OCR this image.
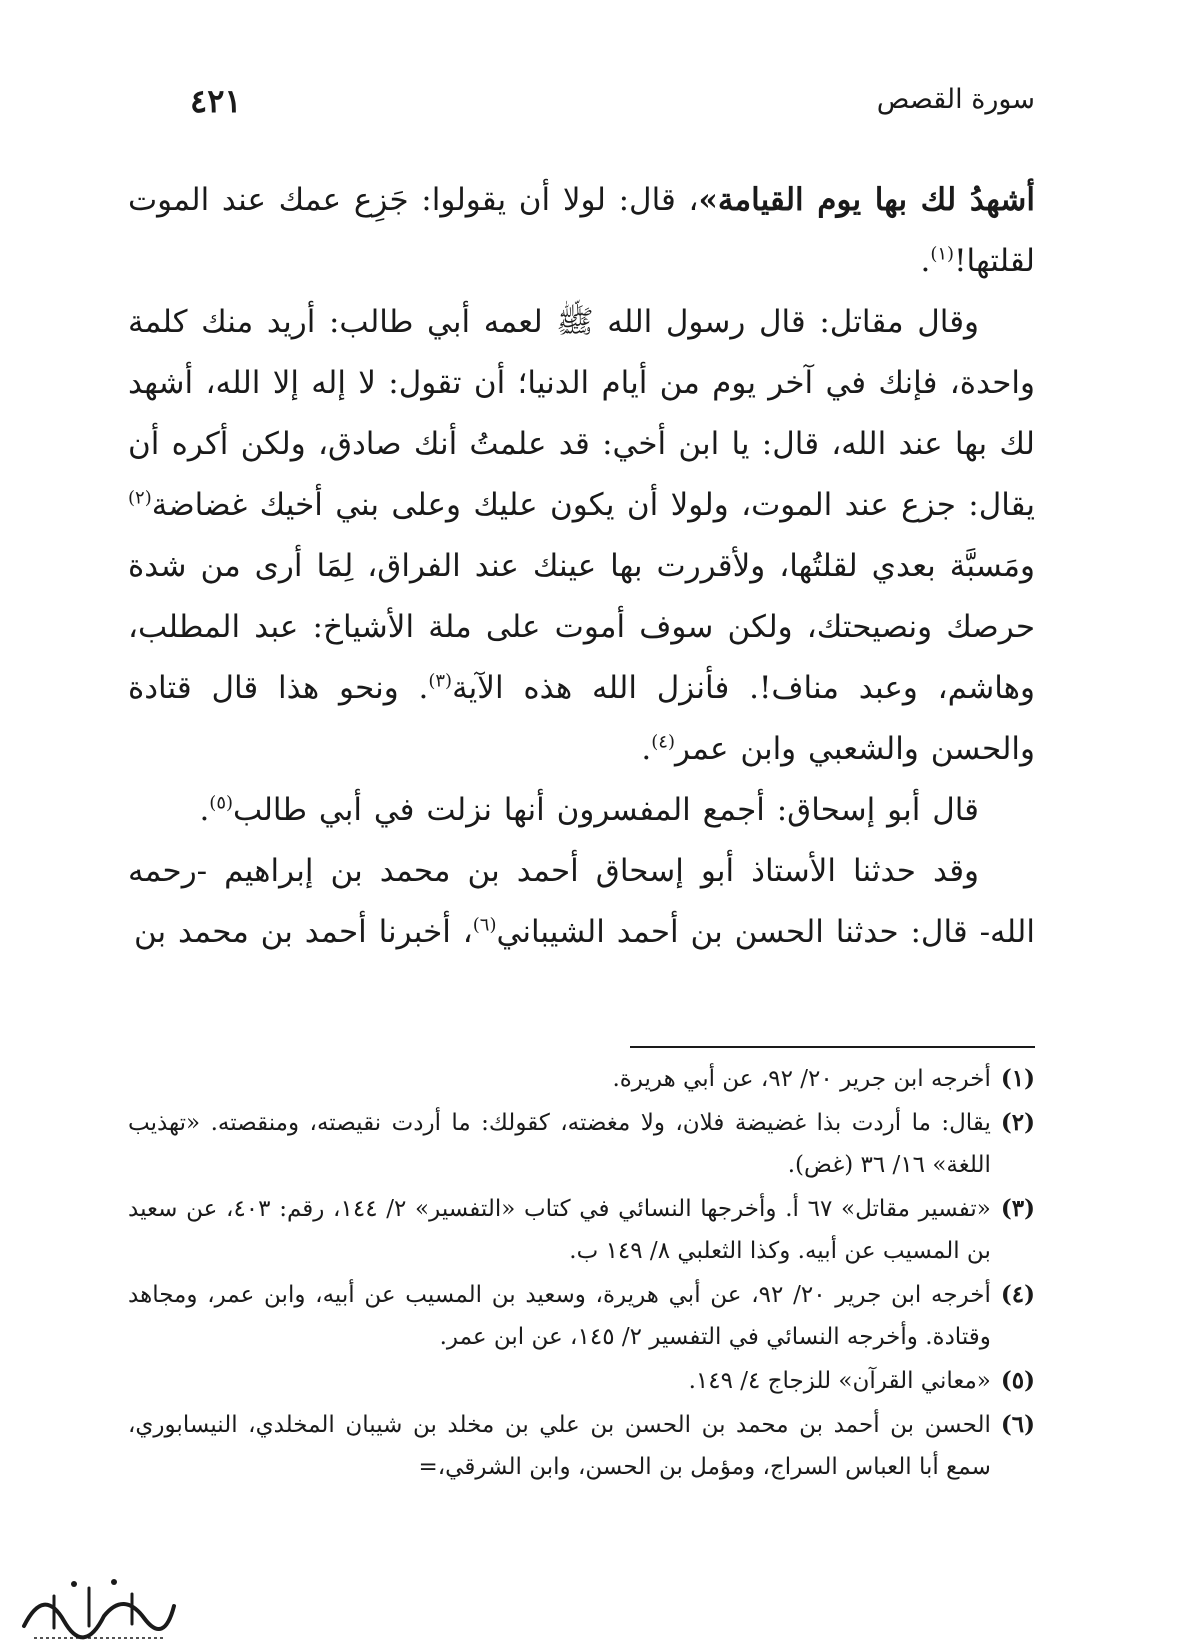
سورة القصص
٤٢١

أشهدُ لك بها يوم القيامة»، قال: لولا أن يقولوا: جَزِع عمك عند الموت لقلتها!$^{(١)}$.

وقال مقاتل: قال رسول الله ﷺ لعمه أبي طالب: أريد منك كلمة واحدة، فإنك في آخر يوم من أيام الدنيا؛ أن تقول: لا إله إلا الله، أشهد لك بها عند الله، قال: يا ابن أخي: قد علمتُ أنك صادق، ولكن أكره أن يقال: جزع عند الموت، ولولا أن يكون عليك وعلى بني أخيك غضاضة$^{(٢)}$ ومَسبَّة بعدي لقلتُها، ولأقررت بها عينك عند الفراق، لِمَا أرى من شدة حرصك ونصيحتك، ولكن سوف أموت على ملة الأشياخ: عبد المطلب، وهاشم، وعبد مناف!. فأنزل الله هذه الآية$^{(٣)}$. ونحو هذا قال قتادة والحسن والشعبي وابن عمر$^{(٤)}$.

قال أبو إسحاق: أجمع المفسرون أنها نزلت في أبي طالب$^{(٥)}$.

وقد حدثنا الأستاذ أبو إسحاق أحمد بن محمد بن إبراهيم -رحمه الله- قال: حدثنا الحسن بن أحمد الشيباني$^{(٦)}$، أخبرنا أحمد بن محمد بن

(١)
أخرجه ابن جرير ٢٠/ ٩٢، عن أبي هريرة.
(٢)
يقال: ما أردت بذا غضيضة فلان، ولا مغضته، كقولك: ما أردت نقيصته، ومنقصته. «تهذيب اللغة» ١٦/ ٣٦ (غض).
(٣)
«تفسير مقاتل» ٦٧ أ. وأخرجها النسائي في كتاب «التفسير» ٢/ ١٤٤، رقم: ٤٠٣، عن سعيد بن المسيب عن أبيه. وكذا الثعلبي ٨/ ١٤٩ ب.
(٤)
أخرجه ابن جرير ٢٠/ ٩٢، عن أبي هريرة، وسعيد بن المسيب عن أبيه، وابن عمر، ومجاهد وقتادة. وأخرجه النسائي في التفسير ٢/ ١٤٥، عن ابن عمر.
(٥)
«معاني القرآن» للزجاج ٤/ ١٤٩.
(٦)
الحسن بن أحمد بن محمد بن الحسن بن علي بن مخلد بن شيبان المخلدي، النيسابوري، سمع أبا العباس السراج، ومؤمل بن الحسن، وابن الشرقي،=
